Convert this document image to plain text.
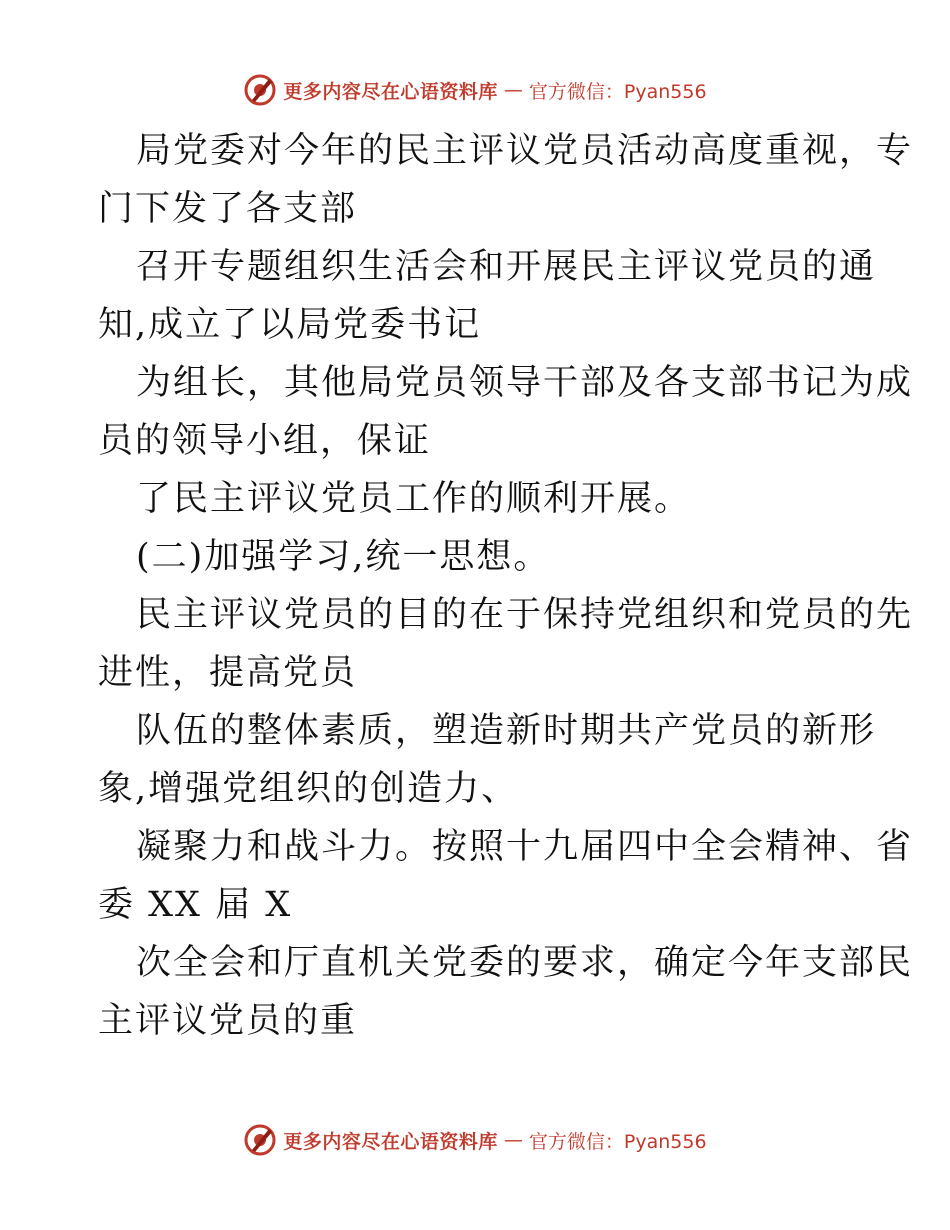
更多内容尽在心语资料库 — 官方微信：Pyan556
局党委对今年的民主评议党员活动高度重视，专
门下发了各支部
召开专题组织生活会和开展民主评议党员的通
知,成立了以局党委书记
为组长，其他局党员领导干部及各支部书记为成
员的领导小组，保证
了民主评议党员工作的顺利开展。
(二)加强学习,统一思想。
民主评议党员的目的在于保持党组织和党员的先
进性，提高党员
队伍的整体素质，塑造新时期共产党员的新形
象,增强党组织的创造力、
凝聚力和战斗力。按照十九届四中全会精神、省
委 XX 届 X
次全会和厅直机关党委的要求，确定今年支部民
主评议党员的重
更多内容尽在心语资料库 — 官方微信：Pyan556
